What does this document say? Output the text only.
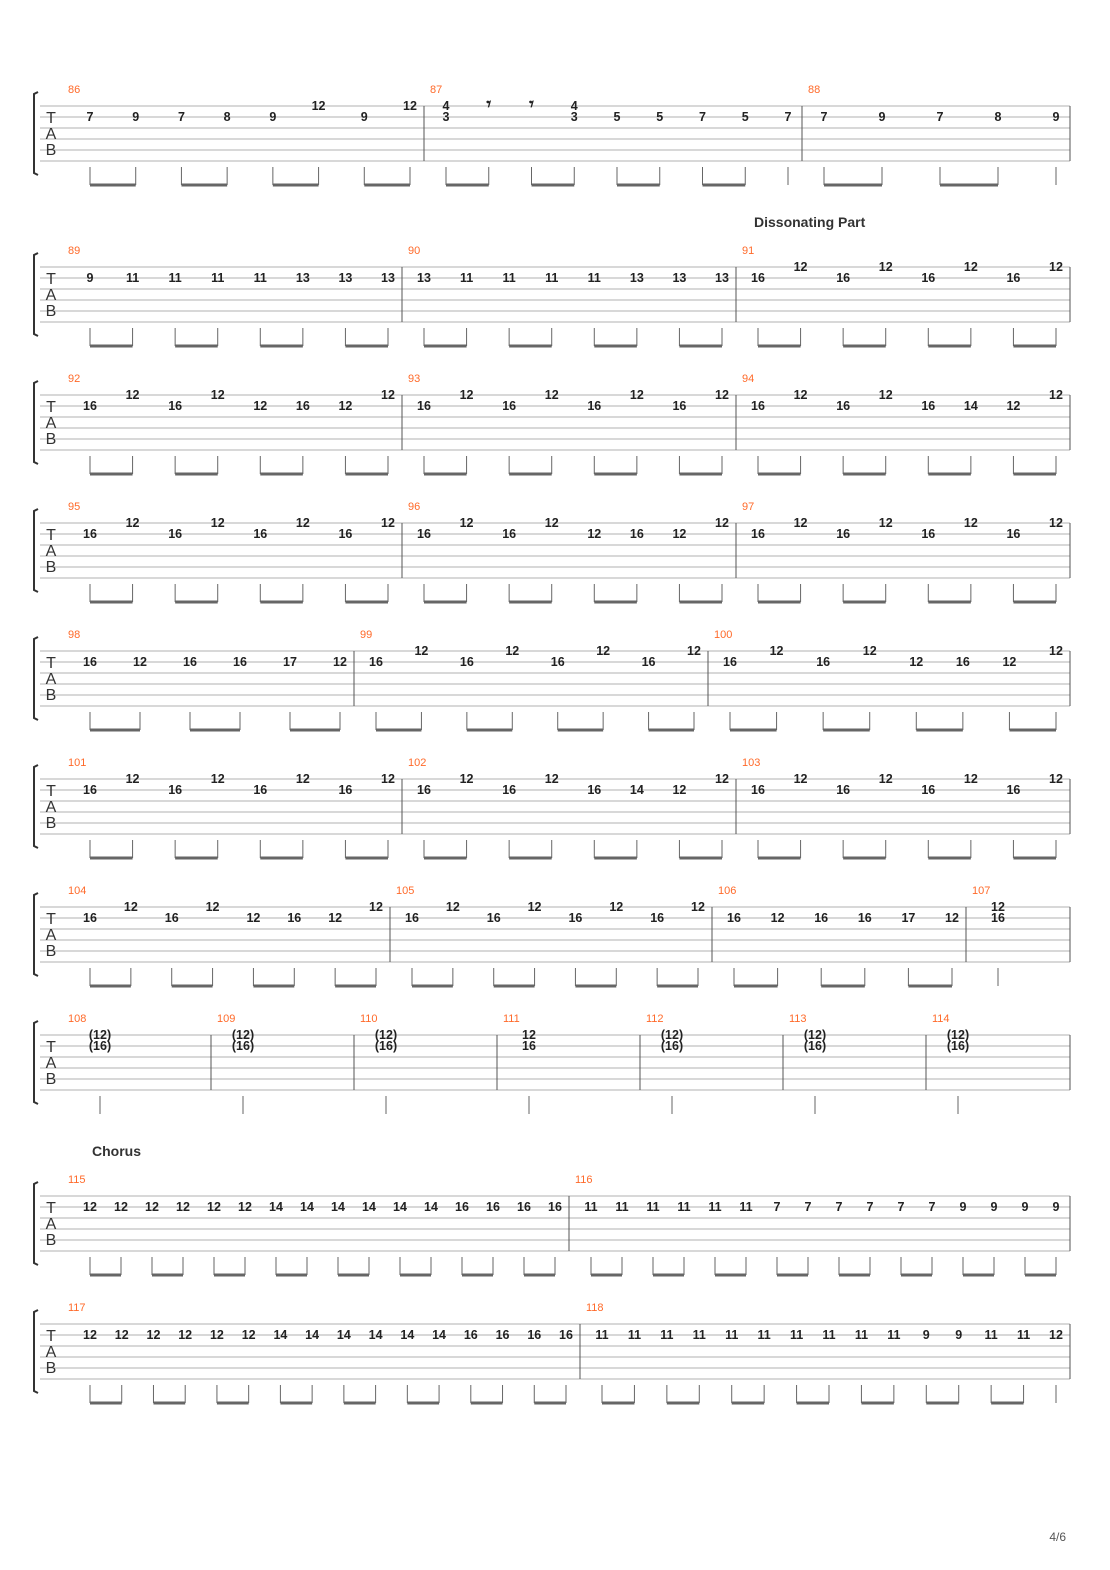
T
A
B
86
7	9	7	8	9
12
9
12
87
4
3
𝄾 𝄾	4
3	5	5	7	5	7
88
7	9	7	8	9
T
A
B
89
9	11 11 11 11 13 13 13
90
13 11 11 11 11 13 13 13
91
16
12
16
12
16
12
16
12
T
A
B
92
16
12
16
12
12 16 12
12
93
16
12
16
12
16
12
16
12
94
16
12
16
12
16 14 12
12
T
A
B
95
16
12
16
12
16
12
16
12
96
16
12
16
12
12 16 12
12
97
16
12
16
12
16
12
16
12
T
A
B
98
16	12	16	16	17	12
99
16
12
16
12
16
12
16
12
100
16
12
16
12
12	16	12
12
T
A
B
101
16
12
16
12
16
12
16
12
102
16
12
16
12
16 14 12
12
103
16
12
16
12
16
12
16
12
T
A
B
104
16
12
16
12
12 16 12
12
105
16
12
16
12
16
12
16
12
106
16 12 16 16 17 12
107
12
16
T
A
B
108
(12)
(16)
109
(12)
(16)
110
(12)
(16)
111
12
16
112
(12)
(16)
113
(12)
(16)
114
(12)
(16)
T
A
B
115
12 12 12 12 12 12 14 14 14 14 14 14 16 16 16 16
116
11 11 11 11 11 11 7 7 7 7 7 7 9 9 9 9
T
A
B
117
12 12 12 12 12 12 14 14 14 14 14 14 16 16 16 16
118
11 11 11 11 11 11 11 11 11 11 9 9 11 11 12
Dissonating Part
Chorus
4/6
